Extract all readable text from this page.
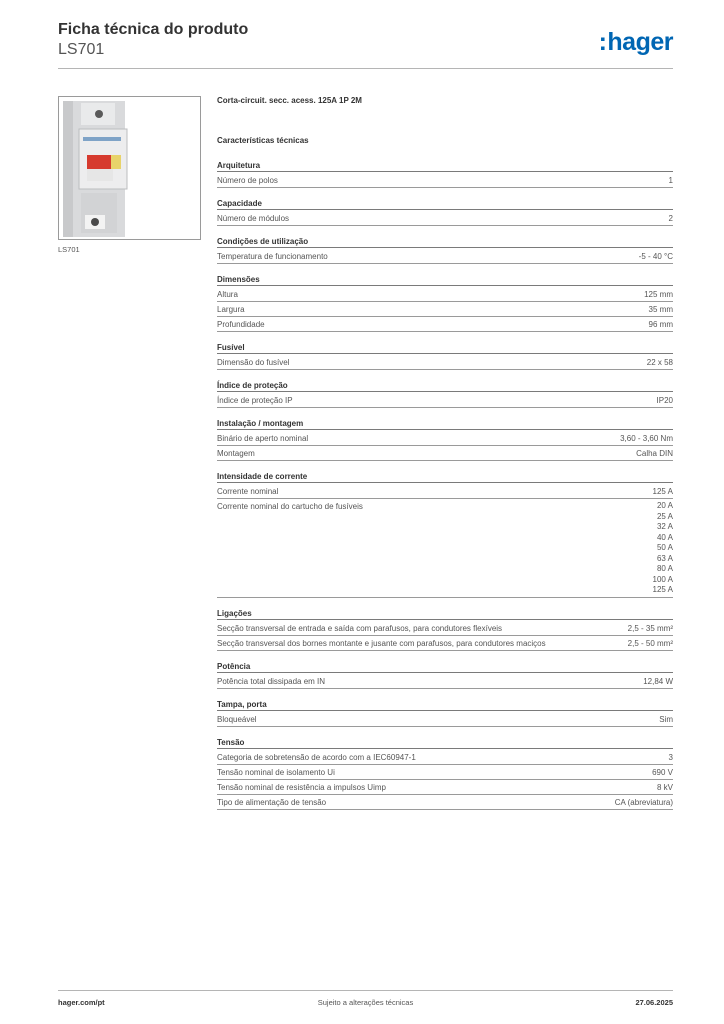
Ficha técnica do produto
LS701	:hager
LS701
Corta-circuit. secc. acess. 125A 1P 2M
Características técnicas
Arquitetura
Número de polos	1
Capacidade
Número de módulos	2
Condições de utilização
Temperatura de funcionamento	-5 - 40 °C
Dimensões
Altura	125 mm
Largura	35 mm
Profundidade	96 mm
Fusível
Dimensão do fusível	22 x 58
Índice de proteção
Índice de proteção IP	IP20
Instalação / montagem
Binário de aperto nominal	3,60 - 3,60 Nm
Montagem	Calha DIN
Intensidade de corrente
Corrente nominal	125 A
Corrente nominal do cartucho de fusíveis	20 A
25 A
32 A
40 A
50 A
63 A
80 A
100 A
125 A
Ligações
Secção transversal de entrada e saída com parafusos, para condutores flexíveis	2,5 - 35 mm²
Secção transversal dos bornes montante e jusante com parafusos, para condutores maciços	2,5 - 50 mm²
Potência
Potência total dissipada em IN	12,84 W
Tampa, porta
Bloqueável	Sim
Tensão
Categoria de sobretensão de acordo com a IEC60947-1	3
Tensão nominal de isolamento Ui	690 V
Tensão nominal de resistência a impulsos Uimp	8 kV
Tipo de alimentação de tensão	CA (abreviatura)
hager.com/pt	Sujeito a alterações técnicas	27.06.2025
